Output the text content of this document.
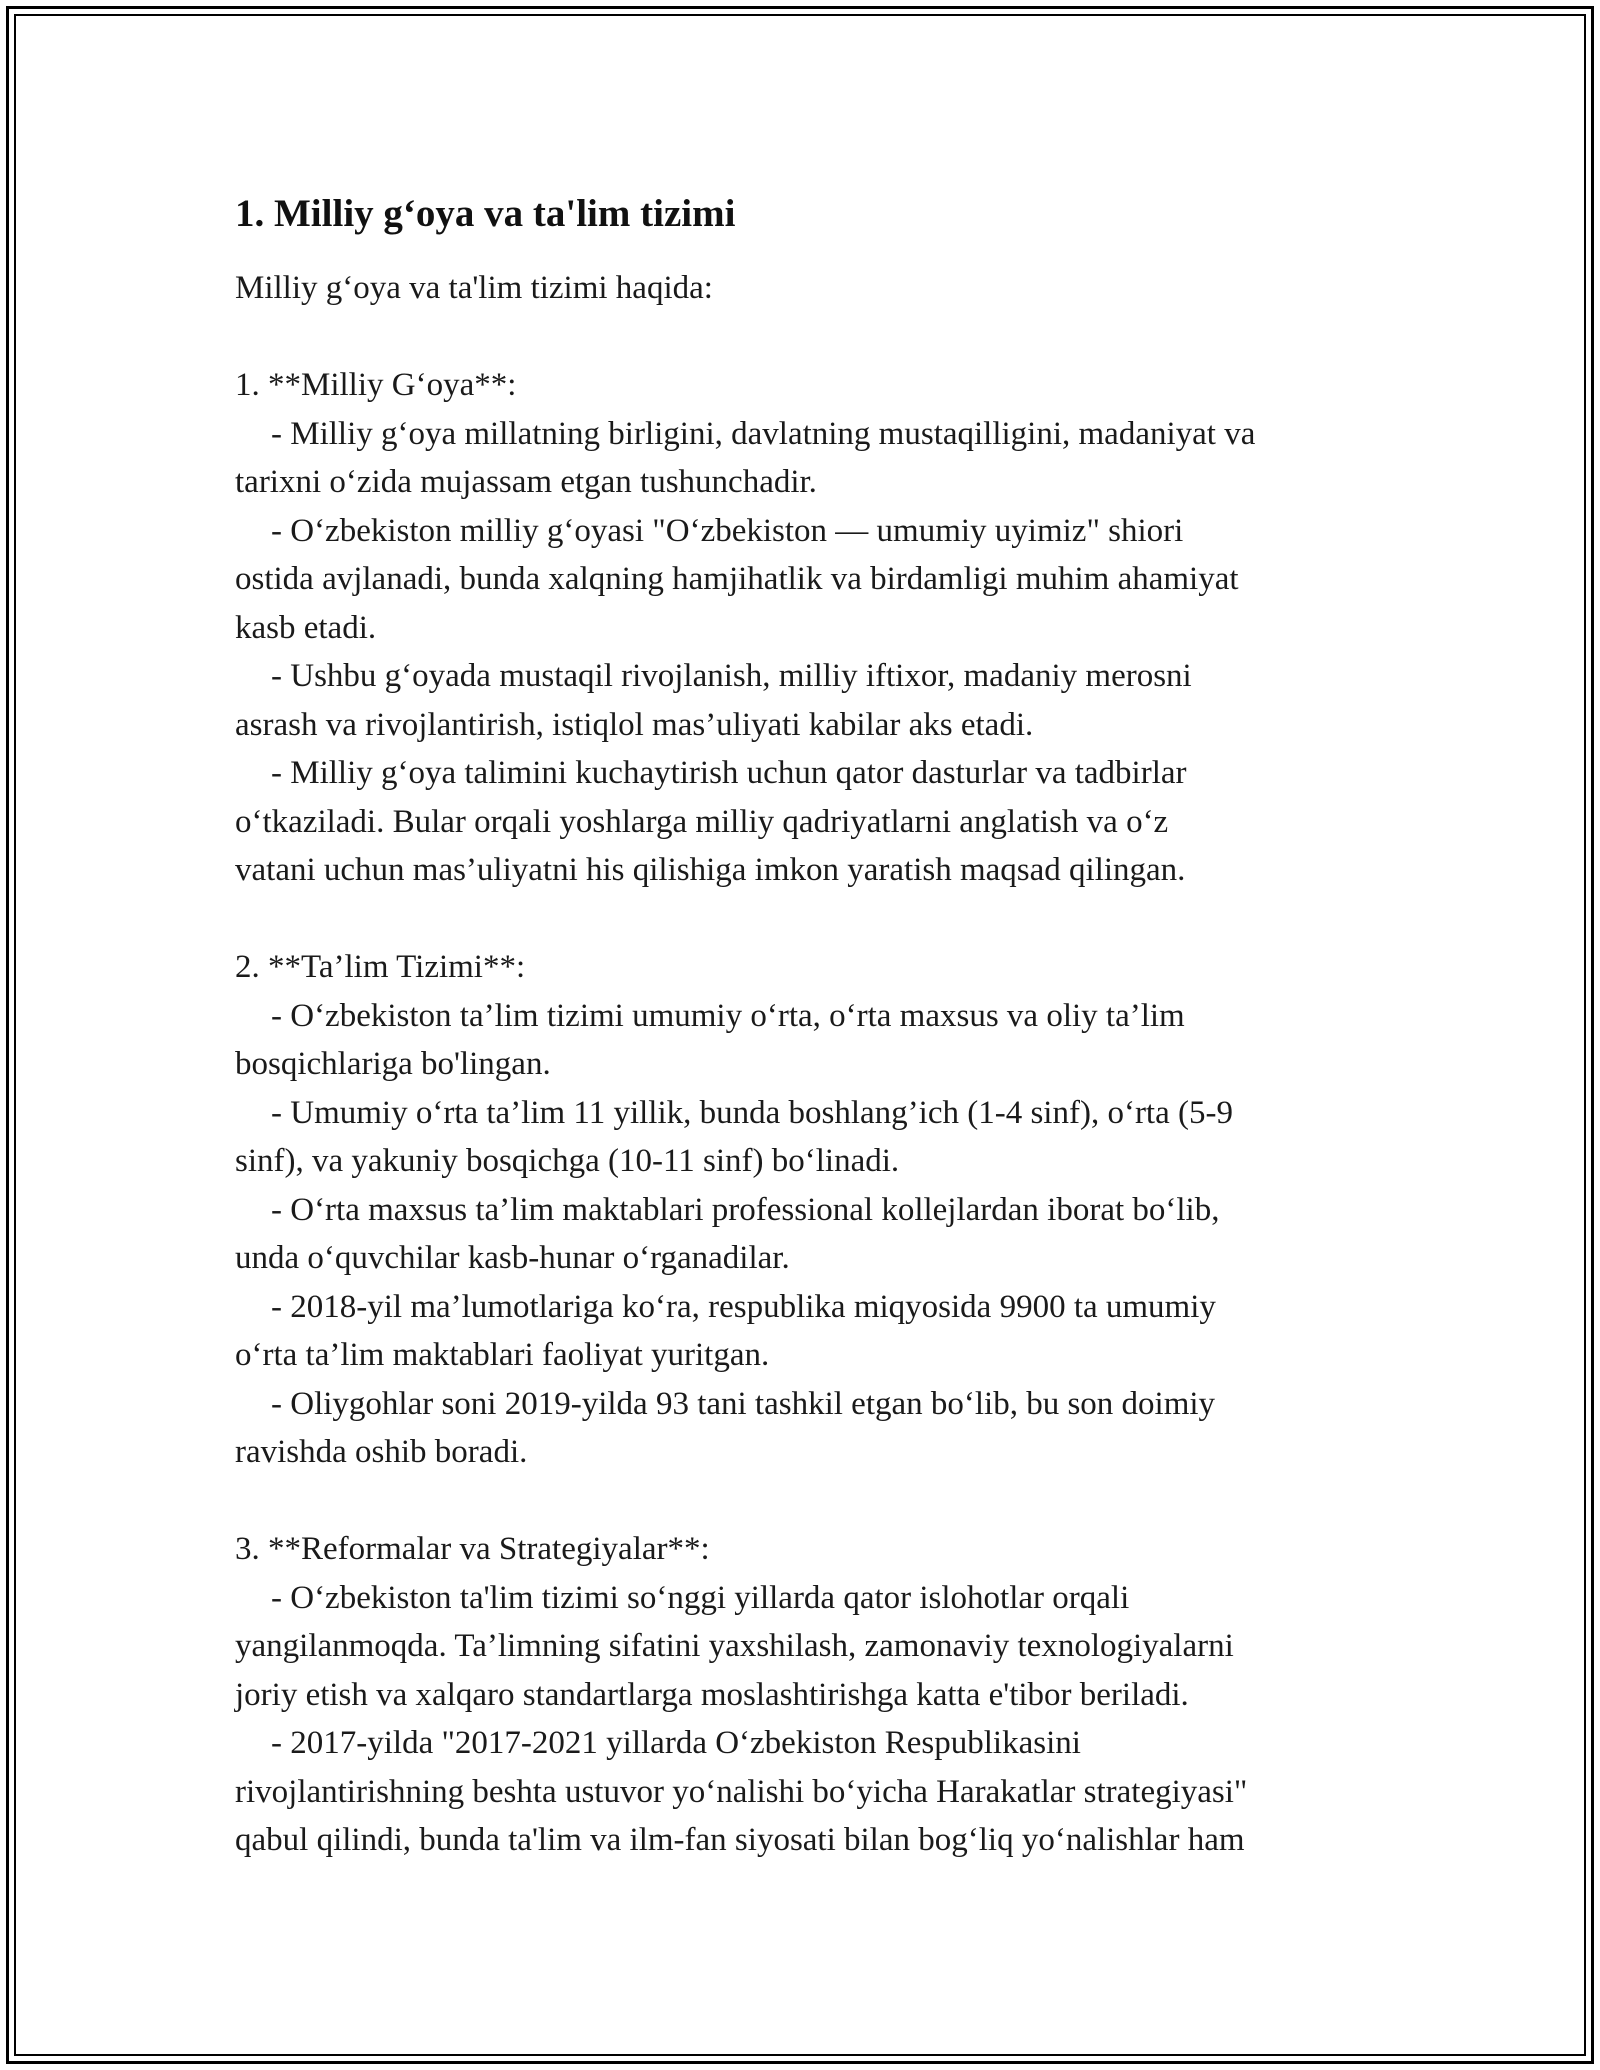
1. Milliy g‘oya va ta'lim tizimi
Milliy g‘oya va ta'lim tizimi haqida:
1. **Milliy G‘oya**:
- Milliy g‘oya millatning birligini, davlatning mustaqilligini, madaniyat va
tarixni o‘zida mujassam etgan tushunchadir.
- O‘zbekiston milliy g‘oyasi "O‘zbekiston — umumiy uyimiz" shiori
ostida avjlanadi, bunda xalqning hamjihatlik va birdamligi muhim ahamiyat
kasb etadi.
- Ushbu g‘oyada mustaqil rivojlanish, milliy iftixor, madaniy merosni
asrash va rivojlantirish, istiqlol mas’uliyati kabilar aks etadi.
- Milliy g‘oya talimini kuchaytirish uchun qator dasturlar va tadbirlar
o‘tkaziladi. Bular orqali yoshlarga milliy qadriyatlarni anglatish va o‘z
vatani uchun mas’uliyatni his qilishiga imkon yaratish maqsad qilingan.
2. **Ta’lim Tizimi**:
- O‘zbekiston ta’lim tizimi umumiy o‘rta, o‘rta maxsus va oliy ta’lim
bosqichlariga bo'lingan.
- Umumiy o‘rta ta’lim 11 yillik, bunda boshlang’ich (1-4 sinf), o‘rta (5-9
sinf), va yakuniy bosqichga (10-11 sinf) bo‘linadi.
- O‘rta maxsus ta’lim maktablari professional kollejlardan iborat bo‘lib,
unda o‘quvchilar kasb-hunar o‘rganadilar.
- 2018-yil ma’lumotlariga ko‘ra, respublika miqyosida 9900 ta umumiy
o‘rta ta’lim maktablari faoliyat yuritgan.
- Oliygohlar soni 2019-yilda 93 tani tashkil etgan bo‘lib, bu son doimiy
ravishda oshib boradi.
3. **Reformalar va Strategiyalar**:
- O‘zbekiston ta'lim tizimi so‘nggi yillarda qator islohotlar orqali
yangilanmoqda. Ta’limning sifatini yaxshilash, zamonaviy texnologiyalarni
joriy etish va xalqaro standartlarga moslashtirishga katta e'tibor beriladi.
- 2017-yilda "2017-2021 yillarda O‘zbekiston Respublikasini
rivojlantirishning beshta ustuvor yo‘nalishi bo‘yicha Harakatlar strategiyasi"
qabul qilindi, bunda ta'lim va ilm-fan siyosati bilan bog‘liq yo‘nalishlar ham
